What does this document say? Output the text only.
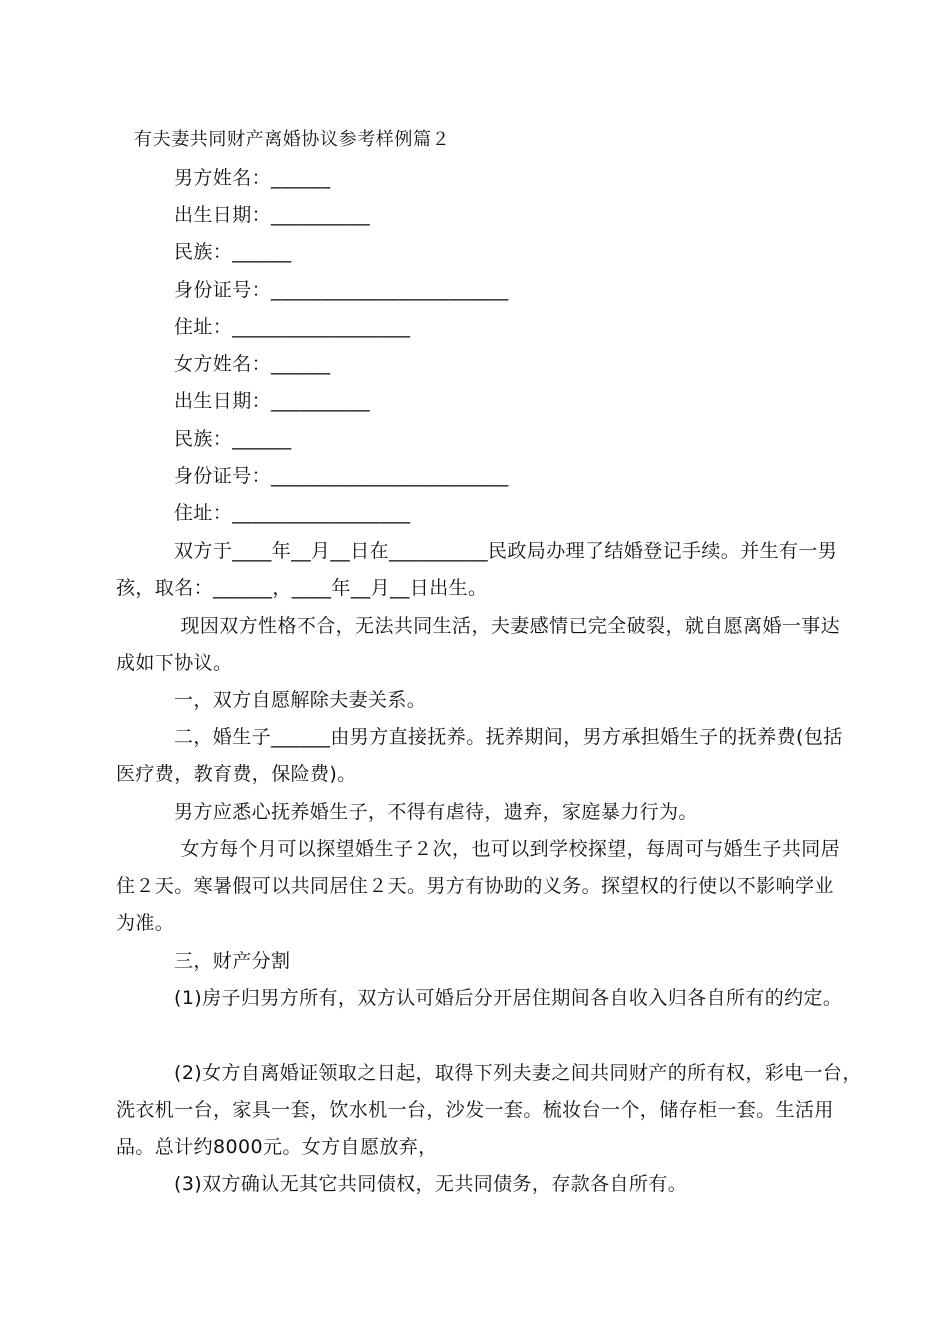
有夫妻共同财产离婚协议参考样例篇２
男方姓名：______
出生日期：__________
民族：______
身份证号：________________________
住址：__________________
女方姓名：______
出生日期：__________
民族：______
身份证号：________________________
住址：__________________
双方于____年__月__日在__________民政局办理了结婚登记手续。并生有一男
孩，取名：______，____年__月__日出生。
现因双方性格不合，无法共同生活，夫妻感情已完全破裂，就自愿离婚一事达
成如下协议。
一，双方自愿解除夫妻关系。
二，婚生子______由男方直接抚养。抚养期间，男方承担婚生子的抚养费(包括
医疗费，教育费，保险费)。
男方应悉心抚养婚生子，不得有虐待，遗弃，家庭暴力行为。
女方每个月可以探望婚生子２次，也可以到学校探望，每周可与婚生子共同居
住２天。寒暑假可以共同居住２天。男方有协助的义务。探望权的行使以不影响学业
为准。
三，财产分割
(1)房子归男方所有，双方认可婚后分开居住期间各自收入归各自所有的约定。
(2)女方自离婚证领取之日起，取得下列夫妻之间共同财产的所有权，彩电一台，
洗衣机一台，家具一套，饮水机一台，沙发一套。梳妆台一个，储存柜一套。生活用
品。总计约8000元。女方自愿放弃，
(3)双方确认无其它共同债权，无共同债务，存款各自所有。
